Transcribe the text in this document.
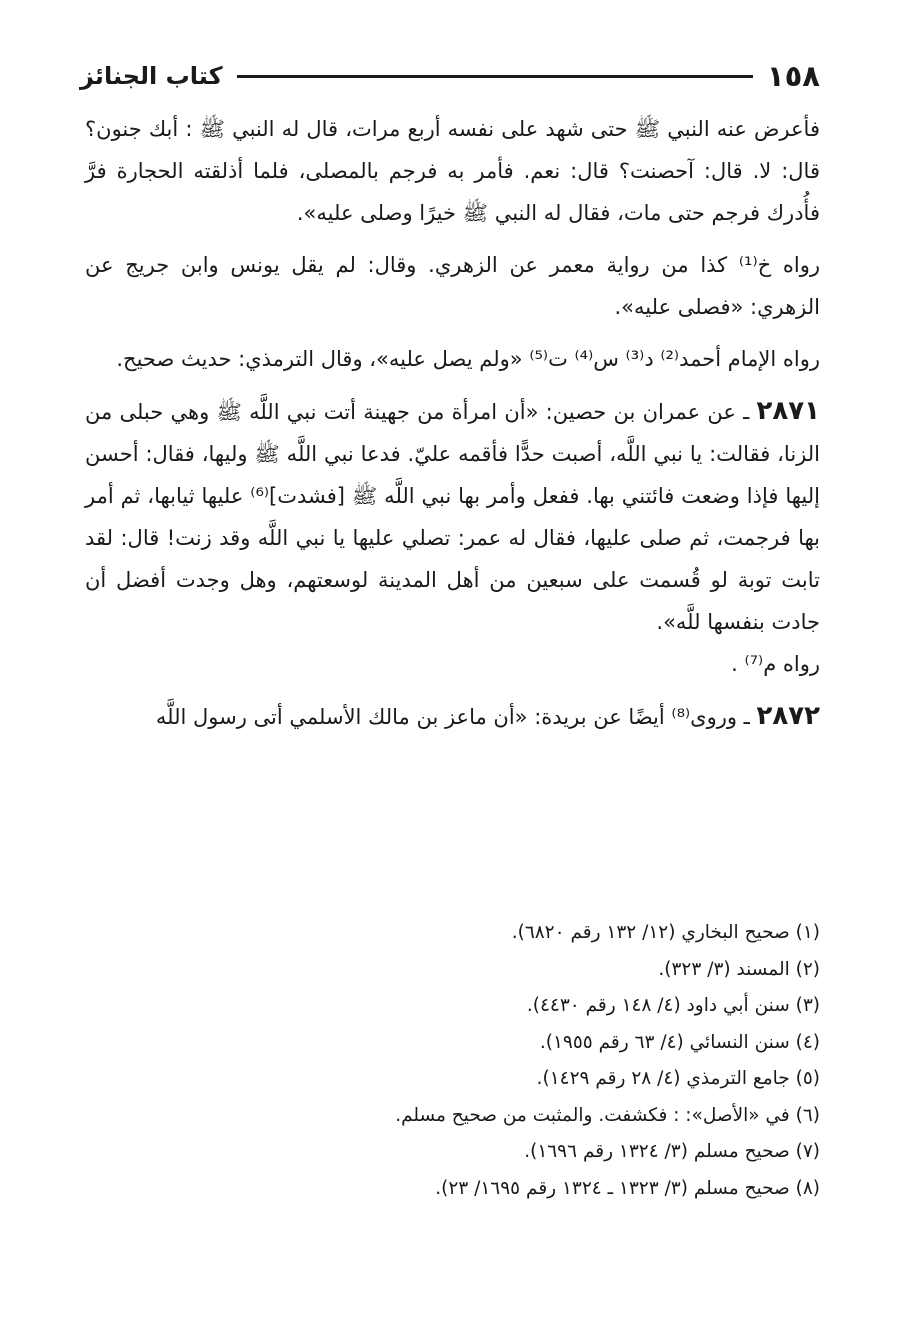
١٥٨
كتاب الجنائز

فأعرض عنه النبي ﷺ حتى شهد على نفسه أربع مرات، قال له النبي ﷺ : أبك جنون؟ قال: لا. قال: آحصنت؟ قال: نعم. فأمر به فرجم بالمصلى، فلما أذلقته الحجارة فرَّ فأُدرك فرجم حتى مات، فقال له النبي ﷺ خيرًا وصلى عليه».

رواه خ⁽¹⁾ كذا من رواية معمر عن الزهري. وقال: لم يقل يونس وابن جريج عن الزهري: «فصلى عليه».

رواه الإمام أحمد⁽²⁾ د⁽³⁾ س⁽⁴⁾ ت⁽⁵⁾ «ولم يصل عليه»، وقال الترمذي: حديث صحيح.

٢٨٧١ ـ عن عمران بن حصين: «أن امرأة من جهينة أتت نبي اللَّه ﷺ وهي حبلى من الزنا، فقالت: يا نبي اللَّه، أصبت حدًّا فأقمه عليّ. فدعا نبي اللَّه ﷺ وليها، فقال: أحسن إليها فإذا وضعت فائتني بها. ففعل وأمر بها نبي اللَّه ﷺ [فشدت]⁽⁶⁾ عليها ثيابها، ثم أمر بها فرجمت، ثم صلى عليها، فقال له عمر: تصلي عليها يا نبي اللَّه وقد زنت! قال: لقد تابت توبة لو قُسمت على سبعين من أهل المدينة لوسعتهم، وهل وجدت أفضل أن جادت بنفسها للَّه».

رواه م⁽⁷⁾ .

٢٨٧٢ ـ وروى⁽⁸⁾ أيضًا عن بريدة: «أن ماعز بن مالك الأسلمي أتى رسول اللَّه

(١) صحيح البخاري (١٢/ ١٣٢ رقم ٦٨٢٠).

(٢) المسند (٣/ ٣٢٣).

(٣) سنن أبي داود (٤/ ١٤٨ رقم ٤٤٣٠).

(٤) سنن النسائي (٤/ ٦٣ رقم ١٩٥٥).

(٥) جامع الترمذي (٤/ ٢٨ رقم ١٤٢٩).

(٦) في «الأصل»: : فكشفت. والمثبت من صحيح مسلم.

(٧) صحيح مسلم (٣/ ١٣٢٤ رقم ١٦٩٦).

(٨) صحيح مسلم (٣/ ١٣٢٣ ـ ١٣٢٤ رقم ١٦٩٥/ ٢٣).
